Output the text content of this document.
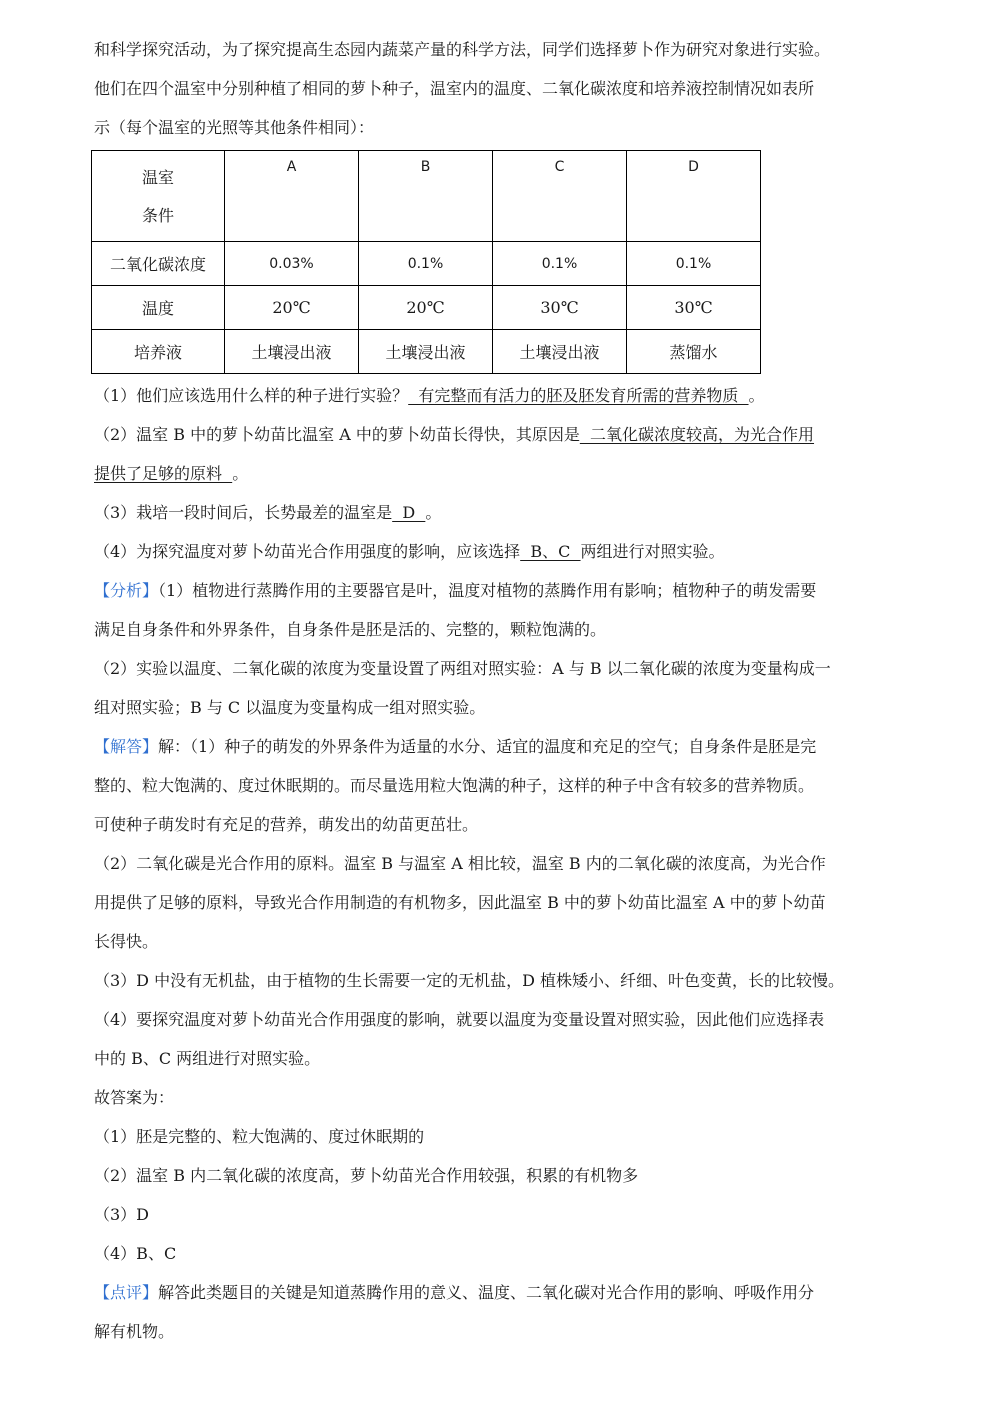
和科学探究活动，为了探究提高生态园内蔬菜产量的科学方法，同学们选择萝卜作为研究对象进行实验。

他们在四个温室中分别种植了相同的萝卜种子，温室内的温度、二氧化碳浓度和培养液控制情况如表所

示（每个温室的光照等其他条件相同）：

温室
条件	A	B	C	D
二氧化碳浓度	0.03%	0.1%	0.1%	0.1%
温度	20℃	20℃	30℃	30℃
培养液	土壤浸出液	土壤浸出液	土壤浸出液	蒸馏水

（1）他们应该选用什么样的种子进行实验？  有完整而有活力的胚及胚发育所需的营养物质  。

（2）温室 B 中的萝卜幼苗比温室 A 中的萝卜幼苗长得快，其原因是  二氧化碳浓度较高，为光合作用

提供了足够的原料  。

（3）栽培一段时间后，长势最差的温室是  D  。

（4）为探究温度对萝卜幼苗光合作用强度的影响，应该选择  B、C  两组进行对照实验。

【分析】（1）植物进行蒸腾作用的主要器官是叶，温度对植物的蒸腾作用有影响；植物种子的萌发需要

满足自身条件和外界条件，自身条件是胚是活的、完整的，颗粒饱满的。

（2）实验以温度、二氧化碳的浓度为变量设置了两组对照实验：A 与 B 以二氧化碳的浓度为变量构成一

组对照实验；B 与 C 以温度为变量构成一组对照实验。

【解答】解：（1）种子的萌发的外界条件为适量的水分、适宜的温度和充足的空气；自身条件是胚是完

整的、粒大饱满的、度过休眠期的。而尽量选用粒大饱满的种子，这样的种子中含有较多的营养物质。

可使种子萌发时有充足的营养，萌发出的幼苗更茁壮。

（2）二氧化碳是光合作用的原料。温室 B 与温室 A 相比较，温室 B 内的二氧化碳的浓度高，为光合作

用提供了足够的原料，导致光合作用制造的有机物多，因此温室 B 中的萝卜幼苗比温室 A 中的萝卜幼苗

长得快。

（3）D 中没有无机盐，由于植物的生长需要一定的无机盐，D 植株矮小、纤细、叶色变黄，长的比较慢。

（4）要探究温度对萝卜幼苗光合作用强度的影响，就要以温度为变量设置对照实验，因此他们应选择表

中的 B、C 两组进行对照实验。

故答案为：

（1）胚是完整的、粒大饱满的、度过休眠期的

（2）温室 B 内二氧化碳的浓度高，萝卜幼苗光合作用较强，积累的有机物多

（3）D

（4）B、C

【点评】解答此类题目的关键是知道蒸腾作用的意义、温度、二氧化碳对光合作用的影响、呼吸作用分

解有机物。
